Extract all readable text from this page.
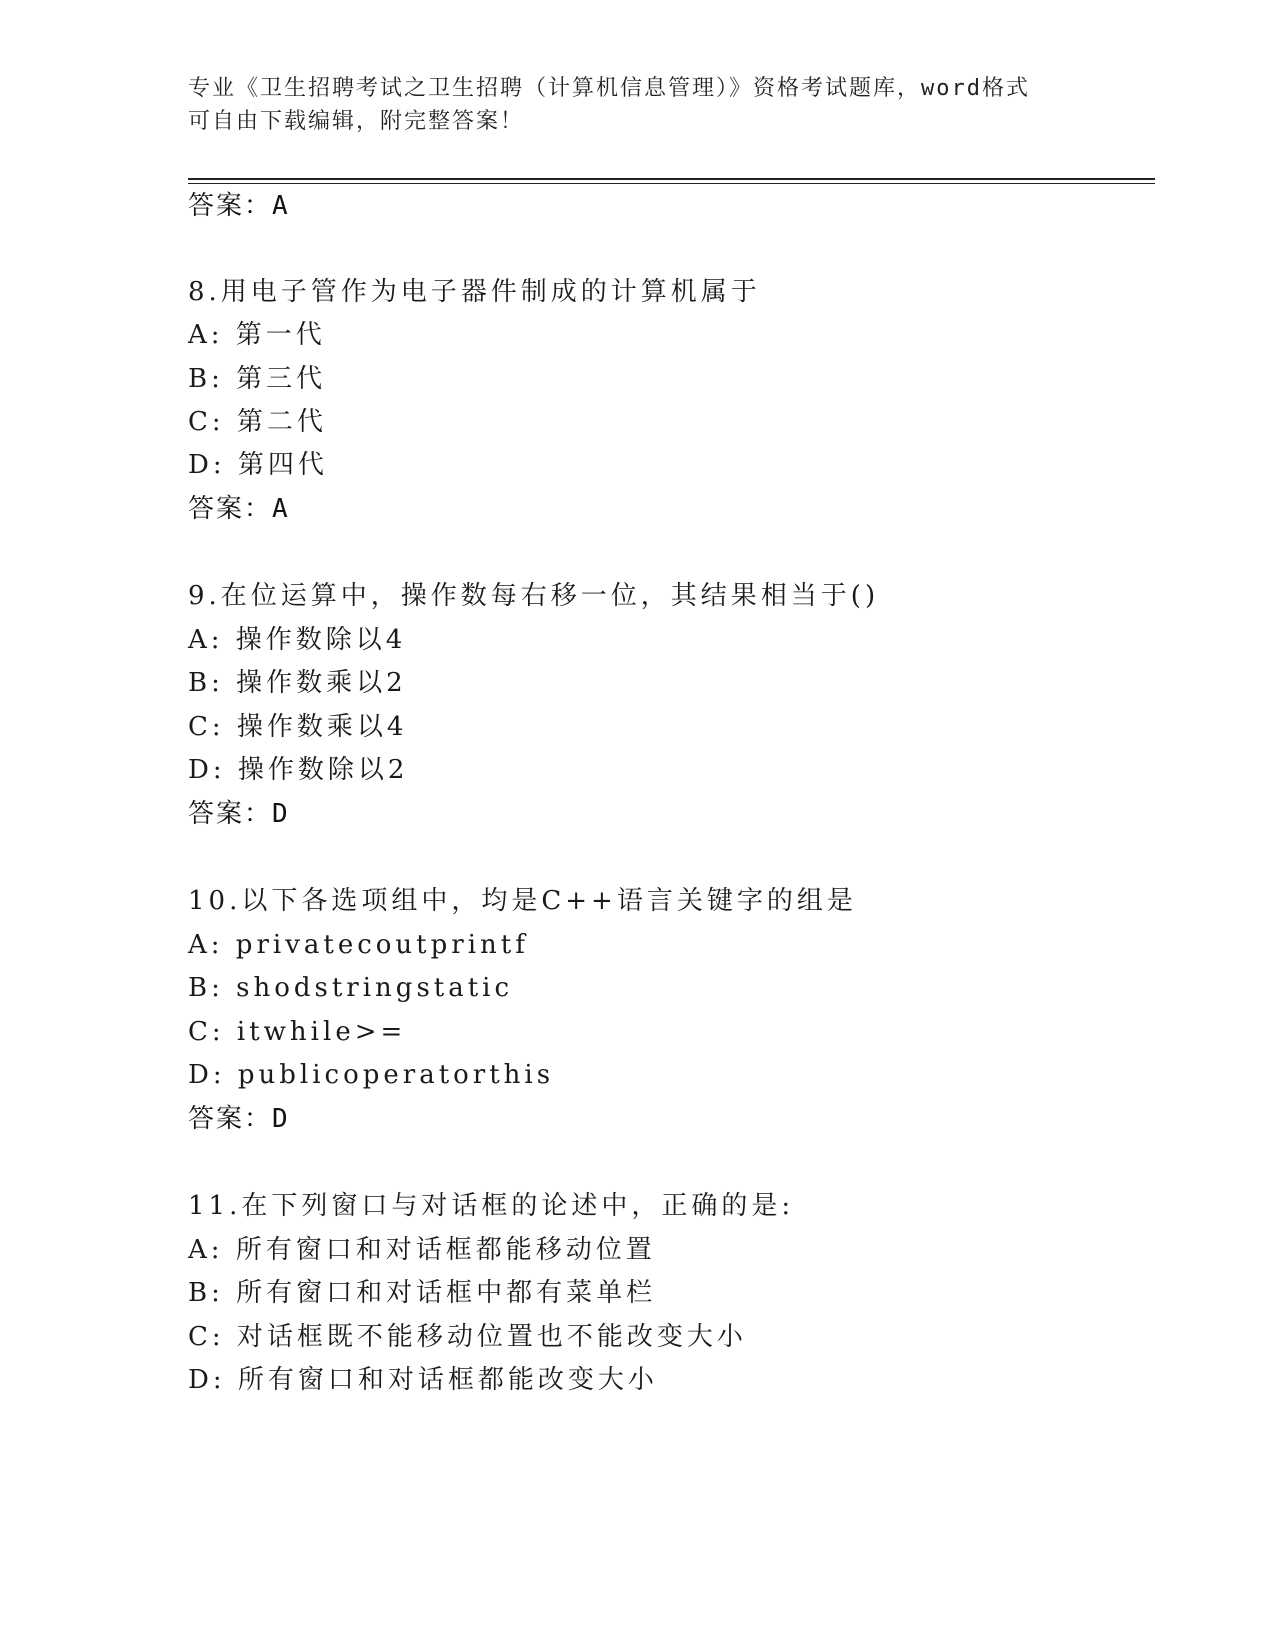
专业《卫生招聘考试之卫生招聘（计算机信息管理）》资格考试题库，word格式
可自由下载编辑，附完整答案！
答案：A
8.用电子管作为电子器件制成的计算机属于
A: 第一代
B: 第三代
C: 第二代
D: 第四代
答案：A
9.在位运算中，操作数每右移一位，其结果相当于()
A: 操作数除以4
B: 操作数乘以2
C: 操作数乘以4
D: 操作数除以2
答案：D
10.以下各选项组中，均是C++语言关键字的组是
A: privatecoutprintf
B: shodstringstatic
C: itwhile>=
D: publicoperatorthis
答案：D
11.在下列窗口与对话框的论述中，正确的是:
A: 所有窗口和对话框都能移动位置
B: 所有窗口和对话框中都有菜单栏
C: 对话框既不能移动位置也不能改变大小
D: 所有窗口和对话框都能改变大小
